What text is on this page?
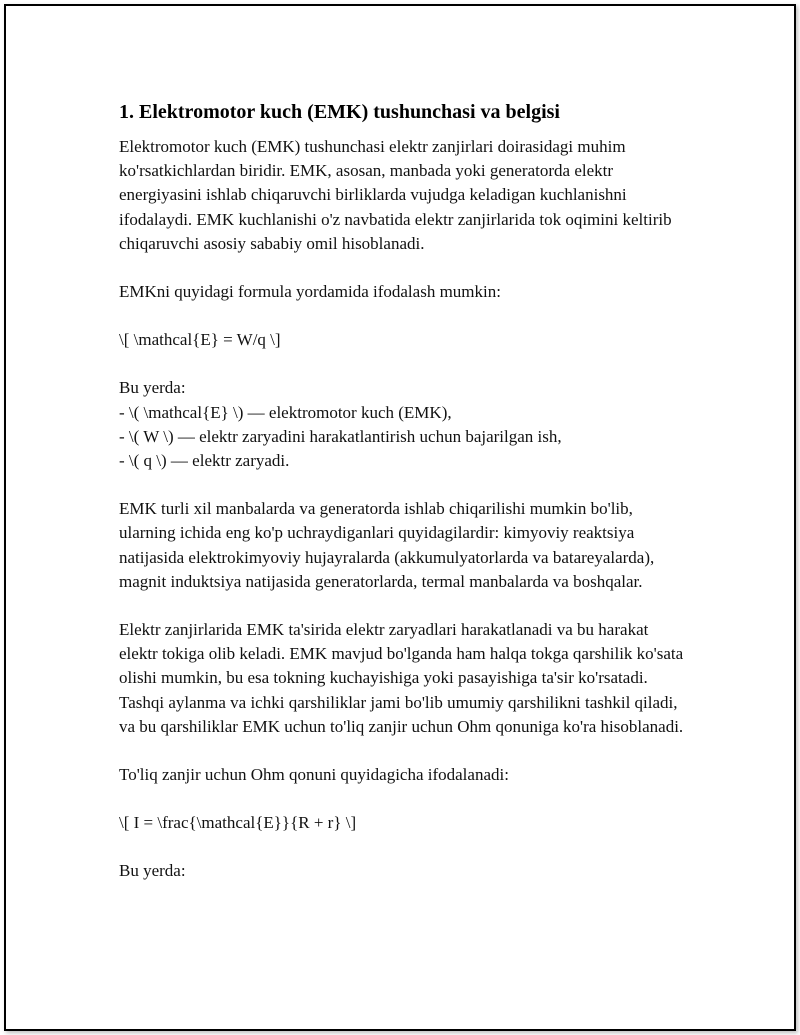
1. Elektromotor kuch (EMK) tushunchasi va belgisi

Elektromotor kuch (EMK) tushunchasi elektr zanjirlari doirasidagi muhim ko'rsatkichlardan biridir. EMK, asosan, manbada yoki generatorda elektr energiyasini ishlab chiqaruvchi birliklarda vujudga keladigan kuchlanishni ifodalaydi. EMK kuchlanishi o'z navbatida elektr zanjirlarida tok oqimini keltirib chiqaruvchi asosiy sababiy omil hisoblanadi.

EMKni quyidagi formula yordamida ifodalash mumkin:

\[ \mathcal{E} = W/q \]

Bu yerda:

- \( \mathcal{E} \) — elektromotor kuch (EMK),
- \( W \) — elektr zaryadini harakatlantirish uchun bajarilgan ish,
- \( q \) — elektr zaryadi.

EMK turli xil manbalarda va generatorda ishlab chiqarilishi mumkin bo'lib, ularning ichida eng ko'p uchraydiganlari quyidagilardir: kimyoviy reaktsiya natijasida elektrokimyoviy hujayralarda (akkumulyatorlarda va batareyalarda), magnit induktsiya natijasida generatorlarda, termal manbalarda va boshqalar.

Elektr zanjirlarida EMK ta'sirida elektr zaryadlari harakatlanadi va bu harakat elektr tokiga olib keladi. EMK mavjud bo'lganda ham halqa tokga qarshilik ko'sata olishi mumkin, bu esa tokning kuchayishiga yoki pasayishiga ta'sir ko'rsatadi. Tashqi aylanma va ichki qarshiliklar jami bo'lib umumiy qarshilikni tashkil qiladi, va bu qarshiliklar EMK uchun to'liq zanjir uchun Ohm qonuniga ko'ra hisoblanadi.

To'liq zanjir uchun Ohm qonuni quyidagicha ifodalanadi:

\[ I = \frac{\mathcal{E}}{R + r} \]

Bu yerda:
